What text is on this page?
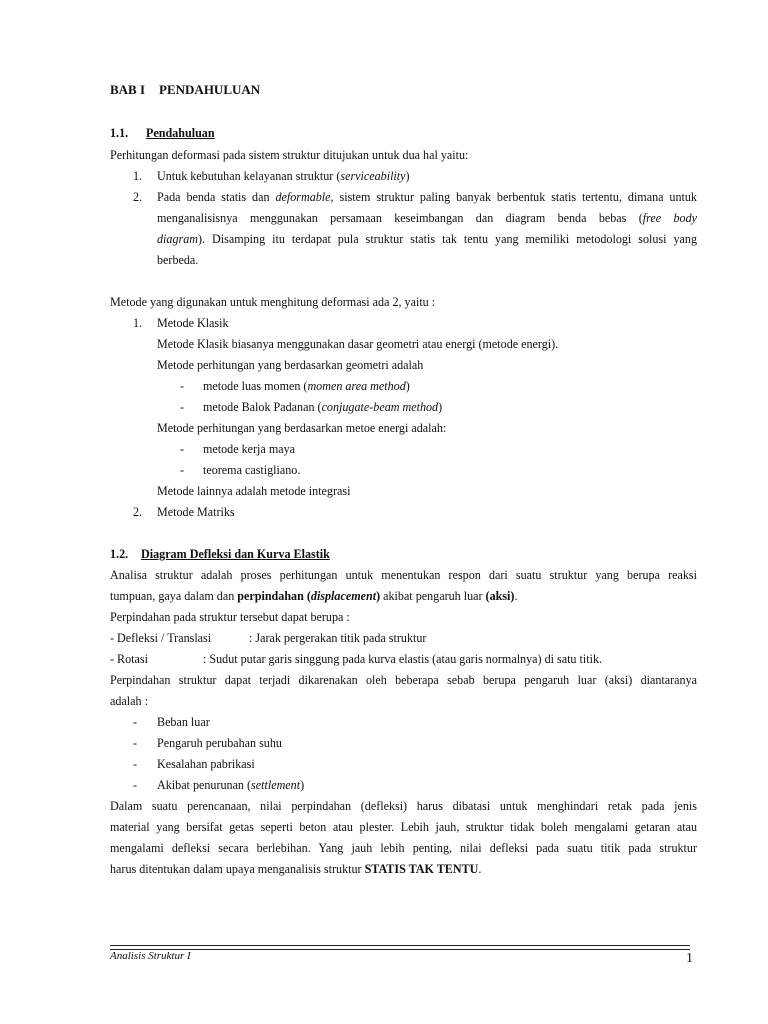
BAB I PENDAHULUAN
1.1. Pendahuluan
Perhitungan deformasi pada sistem struktur ditujukan untuk dua hal yaitu:
1. Untuk kebutuhan kelayanan struktur (serviceability)
2. Pada benda statis dan deformable, sistem struktur paling banyak berbentuk statis tertentu, dimana untuk
menganalisisnya menggunakan persamaan keseimbangan dan diagram benda bebas (free body
diagram). Disamping itu terdapat pula struktur statis tak tentu yang memiliki metodologi solusi yang
berbeda.
Metode yang digunakan untuk menghitung deformasi ada 2, yaitu :
1. Metode Klasik
Metode Klasik biasanya menggunakan dasar geometri atau energi (metode energi).
Metode perhitungan yang berdasarkan geometri adalah
- metode luas momen (momen area method)
- metode Balok Padanan (conjugate-beam method)
Metode perhitungan yang berdasarkan metoe energi adalah:
- metode kerja maya
- teorema castigliano.
Metode lainnya adalah metode integrasi
2. Metode Matriks
1.2. Diagram Defleksi dan Kurva Elastik
Analisa struktur adalah proses perhitungan untuk menentukan respon dari suatu struktur yang berupa reaksi
tumpuan, gaya dalam dan perpindahan (displacement) akibat pengaruh luar (aksi).
Perpindahan pada struktur tersebut dapat berupa :
- Defleksi / Translasi	: Jarak pergerakan titik pada struktur
- Rotasi	: Sudut putar garis singgung pada kurva elastis (atau garis normalnya) di satu titik.
Perpindahan struktur dapat terjadi dikarenakan oleh beberapa sebab berupa pengaruh luar (aksi) diantaranya
adalah :
- Beban luar
- Pengaruh perubahan suhu
- Kesalahan pabrikasi
- Akibat penurunan (settlement)
Dalam suatu perencanaan, nilai perpindahan (defleksi) harus dibatasi untuk menghindari retak pada jenis
material yang bersifat getas seperti beton atau plester. Lebih jauh, struktur tidak boleh mengalami getaran atau
mengalami defleksi secara berlebihan. Yang jauh lebih penting, nilai defleksi pada suatu titik pada struktur
harus ditentukan dalam upaya menganalisis struktur STATIS TAK TENTU.
Analisis Struktur I	1
